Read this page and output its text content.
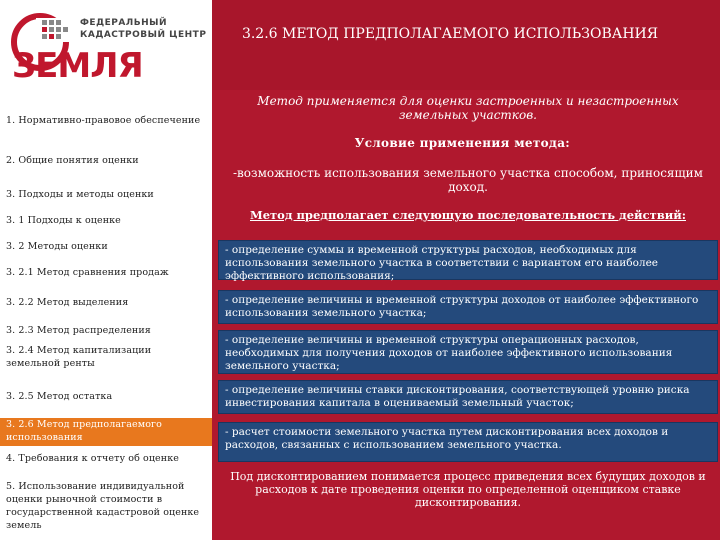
ФЕДЕРАЛЬНЫЙ
КАДАСТРОВЫЙ ЦЕНТР
ЗЕМЛЯ
3.2.6 МЕТОД ПРЕДПОЛАГАЕМОГО ИСПОЛЬЗОВАНИЯ
1. Нормативно-правовое обеспечение
2. Общие понятия оценки
3. Подходы и методы оценки
3. 1 Подходы к оценке
3. 2 Методы оценки
3. 2.1 Метод сравнения продаж
3. 2.2 Метод выделения
3. 2.3 Метод распределения
3. 2.4 Метод капитализации земельной ренты
3. 2.5 Метод остатка
3. 2.6 Метод предполагаемого использования
4. Требования к отчету об оценке
5. Использование индивидуальной оценки рыночной стоимости в государственной кадастровой оценке земель
Метод применяется для оценки застроенных и незастроенных земельных участков.
Условие применения метода:
-возможность использования земельного участка способом, приносящим доход.
Метод предполагает следующую последовательность действий:
- определение суммы и временной структуры расходов, необходимых для использования земельного участка в соответствии с вариантом его наиболее эффективного использования;
- определение величины и временной структуры доходов от наиболее эффективного использования земельного участка;
- определение величины и временной структуры операционных расходов, необходимых для получения доходов от наиболее эффективного использования земельного участка;
- определение величины ставки дисконтирования, соответствующей уровню риска инвестирования капитала в оцениваемый земельный участок;
- расчет стоимости земельного участка путем дисконтирования всех доходов и расходов, связанных с использованием земельного участка.
Под дисконтированием понимается процесс приведения всех будущих доходов и расходов к дате проведения оценки по определенной оценщиком ставке дисконтирования.
